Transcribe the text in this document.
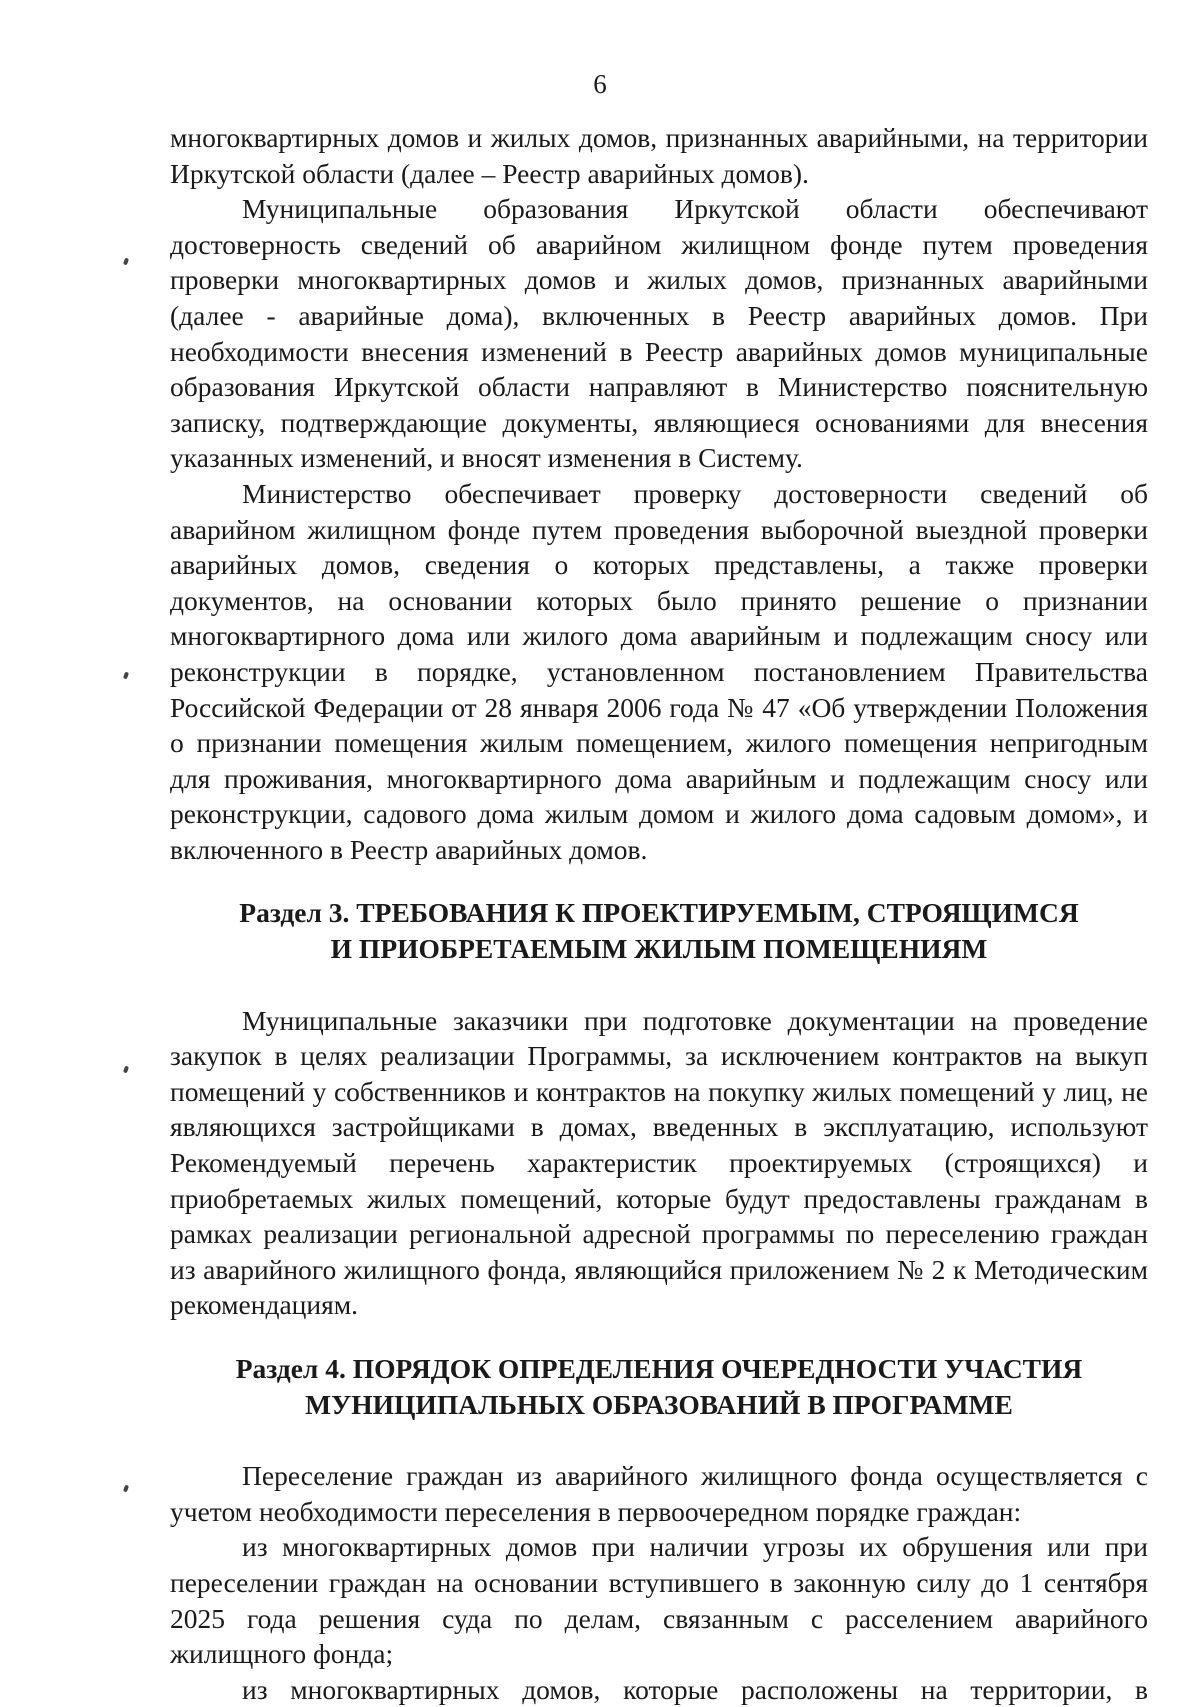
6

многоквартирных домов и жилых домов, признанных аварийными, на территории Иркутской области (далее – Реестр аварийных домов).

Муниципальные образования Иркутской области обеспечивают достоверность сведений об аварийном жилищном фонде путем проведения проверки многоквартирных домов и жилых домов, признанных аварийными (далее - аварийные дома), включенных в Реестр аварийных домов. При необходимости внесения изменений в Реестр аварийных домов муниципальные образования Иркутской области направляют в Министерство пояснительную записку, подтверждающие документы, являющиеся основаниями для внесения указанных изменений, и вносят изменения в Систему.

Министерство обеспечивает проверку достоверности сведений об аварийном жилищном фонде путем проведения выборочной выездной проверки аварийных домов, сведения о которых представлены, а также проверки документов, на основании которых было принято решение о признании многоквартирного дома или жилого дома аварийным и подлежащим сносу или реконструкции в порядке, установленном постановлением Правительства Российской Федерации от 28 января 2006 года № 47 «Об утверждении Положения о признании помещения жилым помещением, жилого помещения непригодным для проживания, многоквартирного дома аварийным и подлежащим сносу или реконструкции, садового дома жилым домом и жилого дома садовым домом», и включенного в Реестр аварийных домов.

Раздел 3. ТРЕБОВАНИЯ К ПРОЕКТИРУЕМЫМ, СТРОЯЩИМСЯ
И ПРИОБРЕТАЕМЫМ ЖИЛЫМ ПОМЕЩЕНИЯМ

Муниципальные заказчики при подготовке документации на проведение закупок в целях реализации Программы, за исключением контрактов на выкуп помещений у собственников и контрактов на покупку жилых помещений у лиц, не являющихся застройщиками в домах, введенных в эксплуатацию, используют Рекомендуемый перечень характеристик проектируемых (строящихся) и приобретаемых жилых помещений, которые будут предоставлены гражданам в рамках реализации региональной адресной программы по переселению граждан из аварийного жилищного фонда, являющийся приложением № 2 к Методическим рекомендациям.

Раздел 4. ПОРЯДОК ОПРЕДЕЛЕНИЯ ОЧЕРЕДНОСТИ УЧАСТИЯ
МУНИЦИПАЛЬНЫХ ОБРАЗОВАНИЙ В ПРОГРАММЕ

Переселение граждан из аварийного жилищного фонда осуществляется с учетом необходимости переселения в первоочередном порядке граждан:

из многоквартирных домов при наличии угрозы их обрушения или при переселении граждан на основании вступившего в законную силу до 1 сентября 2025 года решения суда по делам, связанным с расселением аварийного жилищного фонда;

из многоквартирных домов, которые расположены на территории, в
